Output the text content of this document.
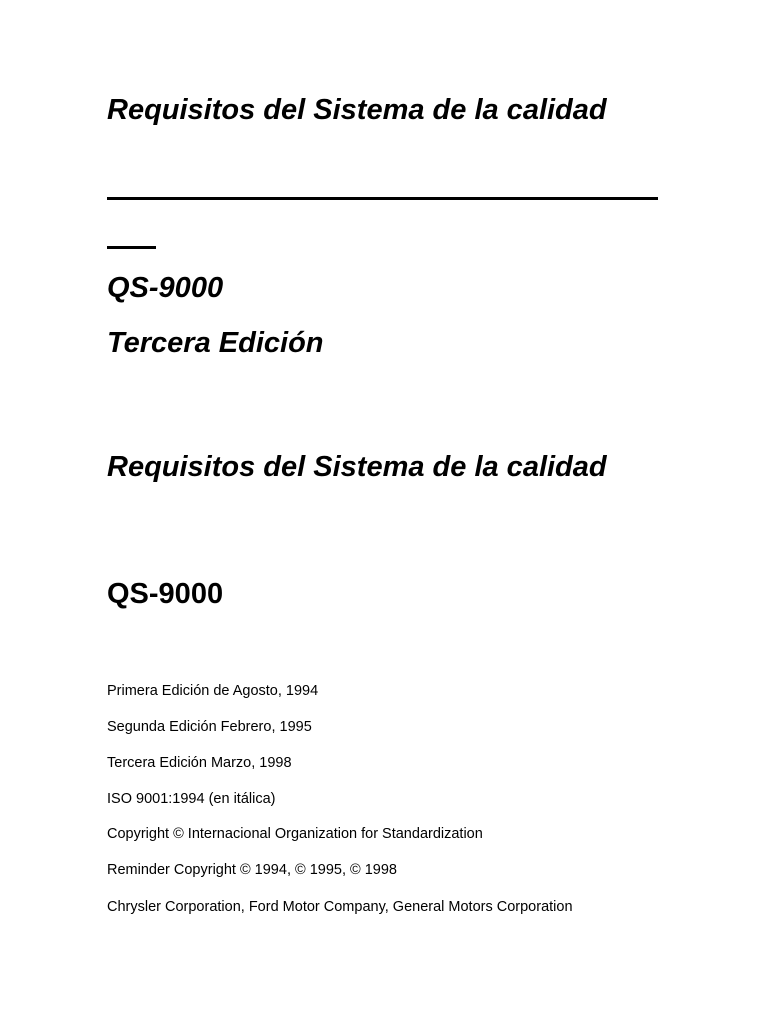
Requisitos del Sistema de la calidad
QS-9000
Tercera Edición
Requisitos del Sistema de la calidad
QS-9000

Primera Edición de Agosto, 1994

Segunda Edición Febrero, 1995

Tercera Edición Marzo, 1998

ISO 9001:1994 (en itálica)

Copyright © Internacional Organization for Standardization

Reminder Copyright © 1994, © 1995, © 1998

Chrysler Corporation, Ford Motor Company, General Motors Corporation
